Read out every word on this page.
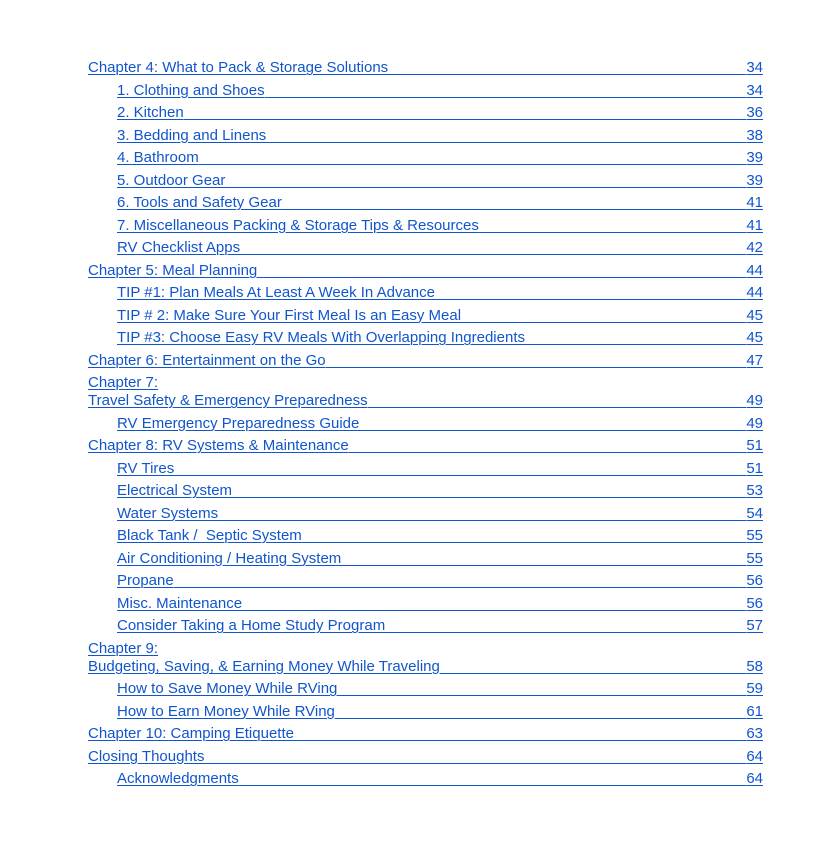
Chapter 4: What to Pack & Storage Solutions	34
1. Clothing and Shoes	34
2. Kitchen	36
3. Bedding and Linens	38
4. Bathroom	39
5. Outdoor Gear	39
6. Tools and Safety Gear	41
7. Miscellaneous Packing & Storage Tips & Resources	41
RV Checklist Apps	42
Chapter 5: Meal Planning	44
TIP #1: Plan Meals At Least A Week In Advance	44
TIP # 2: Make Sure Your First Meal Is an Easy Meal	45
TIP #3: Choose Easy RV Meals With Overlapping Ingredients	45
Chapter 6: Entertainment on the Go	47
Chapter 7:
Travel Safety & Emergency Preparedness	49
RV Emergency Preparedness Guide	49
Chapter 8: RV Systems & Maintenance	51
RV Tires	51
Electrical System	53
Water Systems	54
Black Tank /  Septic System	55
Air Conditioning / Heating System	55
Propane	56
Misc. Maintenance	56
Consider Taking a Home Study Program	57
Chapter 9:
Budgeting, Saving, & Earning Money While Traveling	58
How to Save Money While RVing	59
How to Earn Money While RVing	61
Chapter 10: Camping Etiquette	63
Closing Thoughts	64
Acknowledgments	64
